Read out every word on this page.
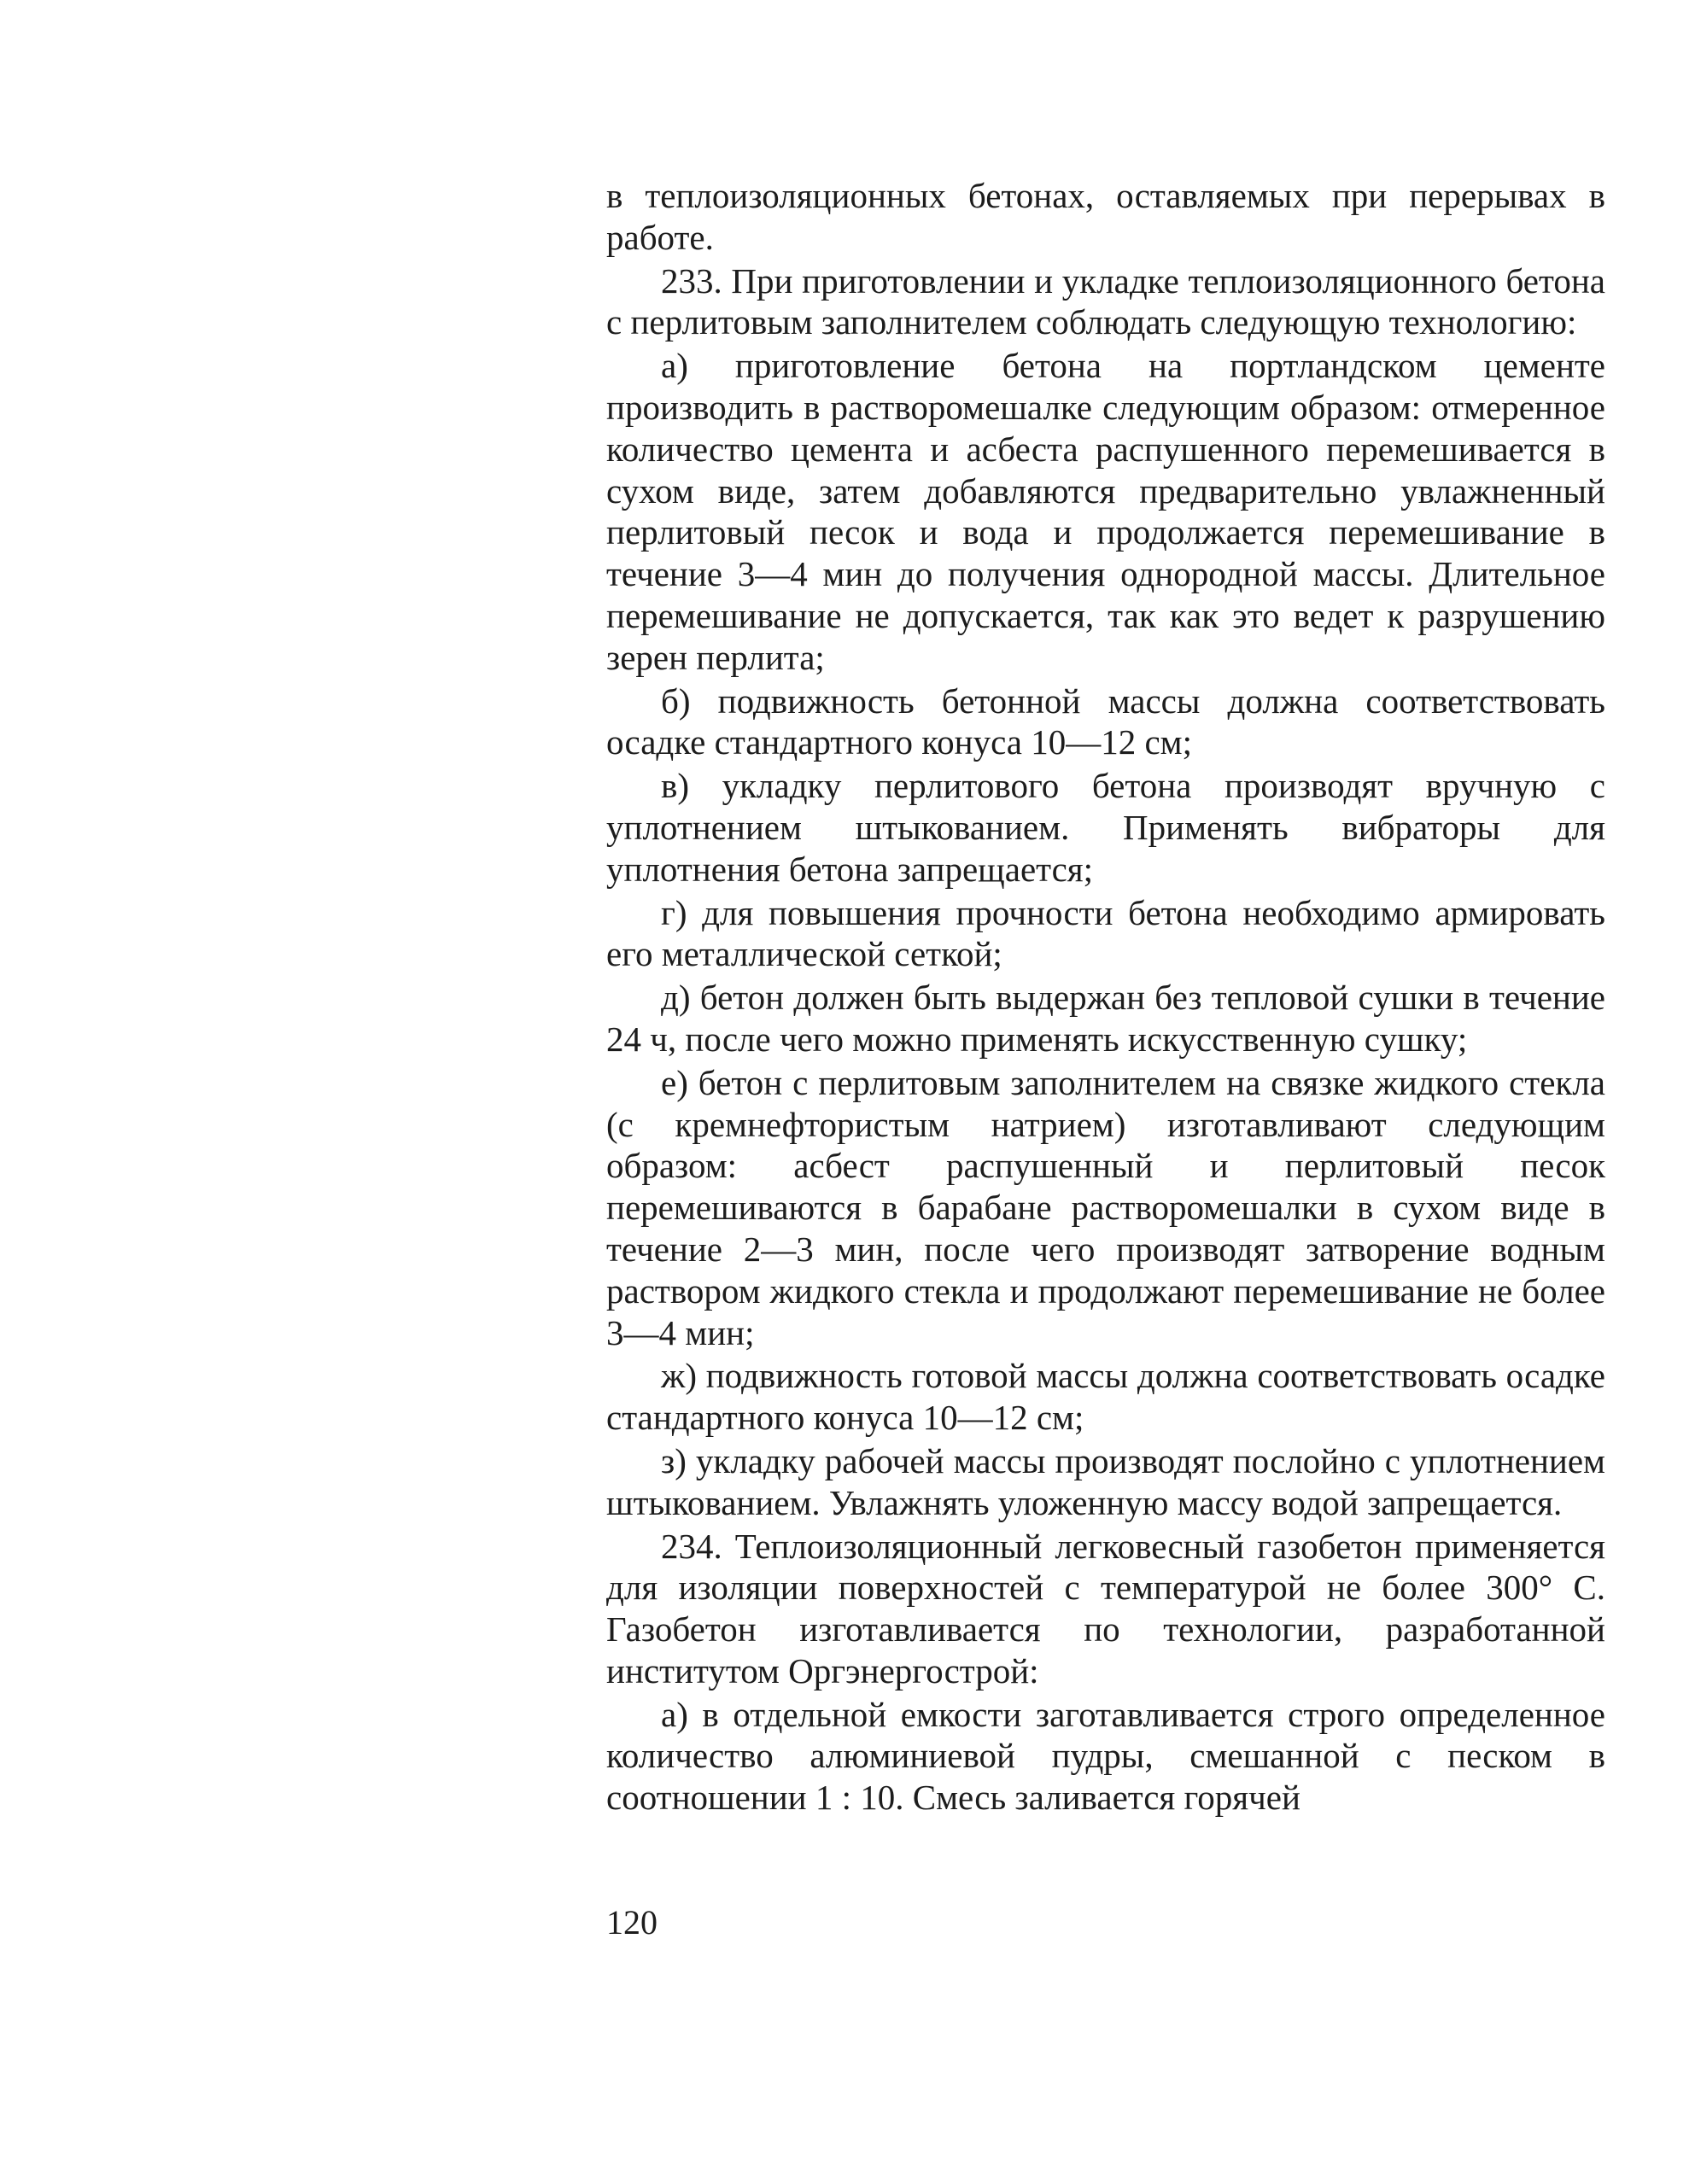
в теплоизоляционных бетонах, оставляемых при перерывах в работе.

233. При приготовлении и укладке теплоизоляционного бетона с перлитовым заполнителем соблюдать следующую технологию:

а) приготовление бетона на портландском цементе производить в растворомешалке следующим образом: отмеренное количество цемента и асбеста распушенного перемешивается в сухом виде, затем добавляются предварительно увлажненный перлитовый песок и вода и продолжается перемешивание в течение 3—4 мин до получения однородной массы. Длительное перемешивание не допускается, так как это ведет к разрушению зерен перлита;

б) подвижность бетонной массы должна соответствовать осадке стандартного конуса 10—12 см;

в) укладку перлитового бетона производят вручную с уплотнением штыкованием. Применять вибраторы для уплотнения бетона запрещается;

г) для повышения прочности бетона необходимо армировать его металлической сеткой;

д) бетон должен быть выдержан без тепловой сушки в течение 24 ч, после чего можно применять искусственную сушку;

е) бетон с перлитовым заполнителем на связке жидкого стекла (с кремнефтористым натрием) изготавливают следующим образом: асбест распушенный и перлитовый песок перемешиваются в барабане растворомешалки в сухом виде в течение 2—3 мин, после чего производят затворение водным раствором жидкого стекла и продолжают перемешивание не более 3—4 мин;

ж) подвижность готовой массы должна соответствовать осадке стандартного конуса 10—12 см;

з) укладку рабочей массы производят послойно с уплотнением штыкованием. Увлажнять уложенную массу водой запрещается.

234. Теплоизоляционный легковесный газобетон применяется для изоляции поверхностей с температурой не более 300° С. Газобетон изготавливается по технологии, разработанной институтом Оргэнергострой:

а) в отдельной емкости заготавливается строго определенное количество алюминиевой пудры, смешанной с песком в соотношении 1 : 10. Смесь заливается горячей

120
